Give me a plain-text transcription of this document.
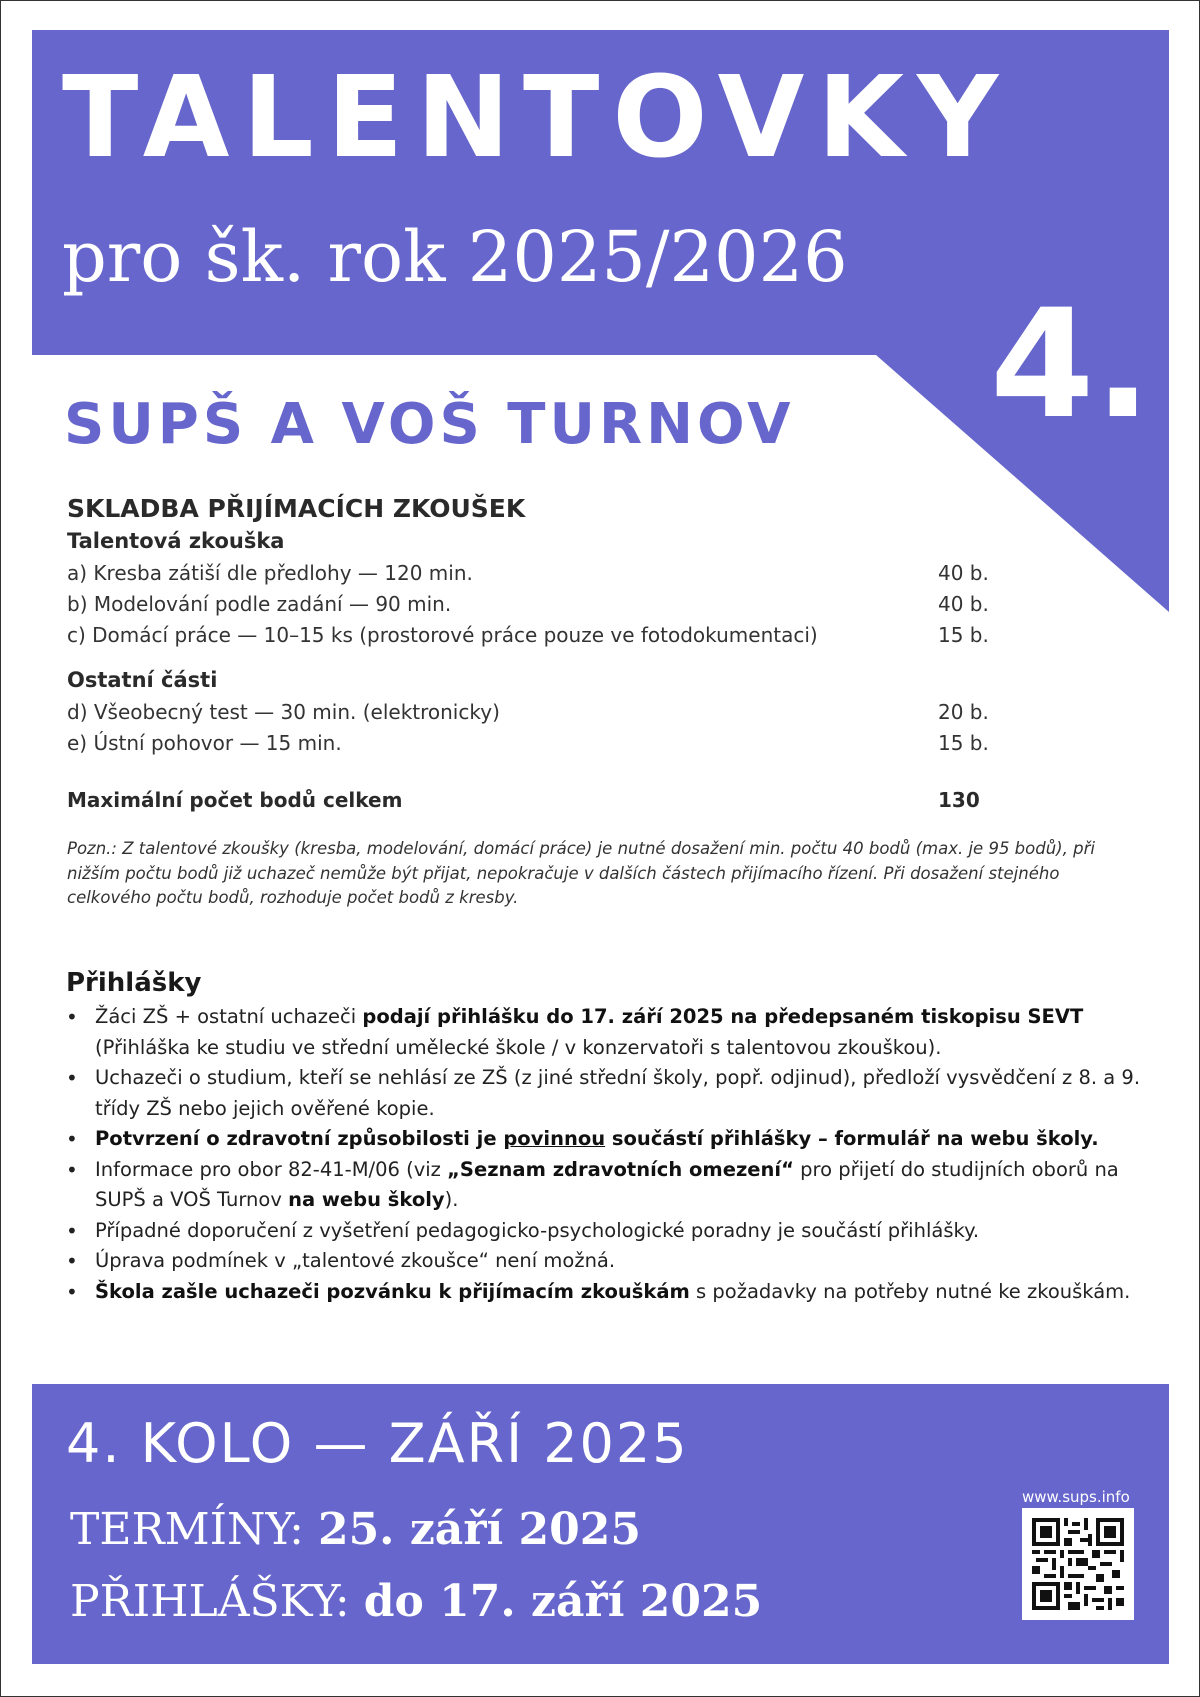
TALENTOVKY
pro šk. rok 2025/2026
4.
SUPŠ A VOŠ TURNOV
SKLADBA PŘIJÍMACÍCH ZKOUŠEK
Talentová zkouška
a) Kresba zátiší dle předlohy — 120 min.	40 b.
b) Modelování podle zadání — 90 min.	40 b.
c) Domácí práce — 10–15 ks (prostorové práce pouze ve fotodokumentaci)	15 b.
Ostatní části
d) Všeobecný test — 30 min. (elektronicky)	20 b.
e) Ústní pohovor — 15 min.	15 b.
Maximální počet bodů celkem	130
Pozn.: Z talentové zkoušky (kresba, modelování, domácí práce) je nutné dosažení min. počtu 40 bodů (max. je 95 bodů), při nižším počtu bodů již uchazeč nemůže být přijat, nepokračuje v dalších částech přijímacího řízení. Při dosažení stejného celkového počtu bodů, rozhoduje počet bodů z kresby.
Přihlášky
• Žáci ZŠ + ostatní uchazeči podají přihlášku do 17. září 2025 na předepsaném tiskopisu SEVT (Přihláška ke studiu ve střední umělecké škole / v konzervatoři s talentovou zkouškou).
• Uchazeči o studium, kteří se nehlásí ze ZŠ (z jiné střední školy, popř. odjinud), předloží vysvědčení z 8. a 9. třídy ZŠ nebo jejich ověřené kopie.
• Potvrzení o zdravotní způsobilosti je povinnou součástí přihlášky – formulář na webu školy.
• Informace pro obor 82-41-M/06 (viz „Seznam zdravotních omezení“ pro přijetí do studijních oborů na SUPŠ a VOŠ Turnov na webu školy).
• Případné doporučení z vyšetření pedagogicko-psychologické poradny je součástí přihlášky.
• Úprava podmínek v „talentové zkoušce“ není možná.
• Škola zašle uchazeči pozvánku k přijímacím zkouškám s požadavky na potřeby nutné ke zkouškám.
4. KOLO — ZÁŘÍ 2025
TERMÍNY: 25. září 2025
PŘIHLÁŠKY: do 17. září 2025
www.sups.info
